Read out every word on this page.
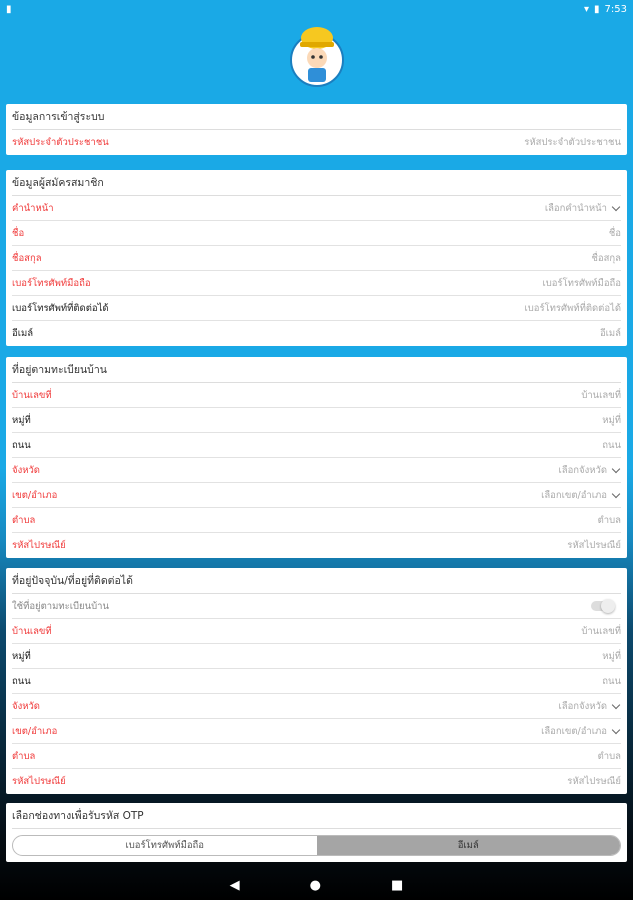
▮	▾ ▮ 7:53
ข้อมูลการเข้าสู่ระบบ
รหัสประจำตัวประชาชน	รหัสประจำตัวประชาชน
ข้อมูลผู้สมัครสมาชิก
คำนำหน้า	เลือกคำนำหน้า
ชื่อ	ชื่อ
ชื่อสกุล	ชื่อสกุล
เบอร์โทรศัพท์มือถือ	เบอร์โทรศัพท์มือถือ
เบอร์โทรศัพท์ที่ติดต่อได้	เบอร์โทรศัพท์ที่ติดต่อได้
อีเมล์	อีเมล์
ที่อยู่ตามทะเบียนบ้าน
บ้านเลขที่	บ้านเลขที่
หมู่ที่	หมู่ที่
ถนน	ถนน
จังหวัด	เลือกจังหวัด
เขต/อำเภอ	เลือกเขต/อำเภอ
ตำบล	ตำบล
รหัสไปรษณีย์	รหัสไปรษณีย์
ที่อยู่ปัจจุบัน/ที่อยู่ที่ติดต่อได้
ใช้ที่อยู่ตามทะเบียนบ้าน
บ้านเลขที่	บ้านเลขที่
หมู่ที่	หมู่ที่
ถนน	ถนน
จังหวัด	เลือกจังหวัด
เขต/อำเภอ	เลือกเขต/อำเภอ
ตำบล	ตำบล
รหัสไปรษณีย์	รหัสไปรษณีย์
เลือกช่องทางเพื่อรับรหัส OTP
เบอร์โทรศัพท์มือถือ	อีเมล์
◀	●	■
